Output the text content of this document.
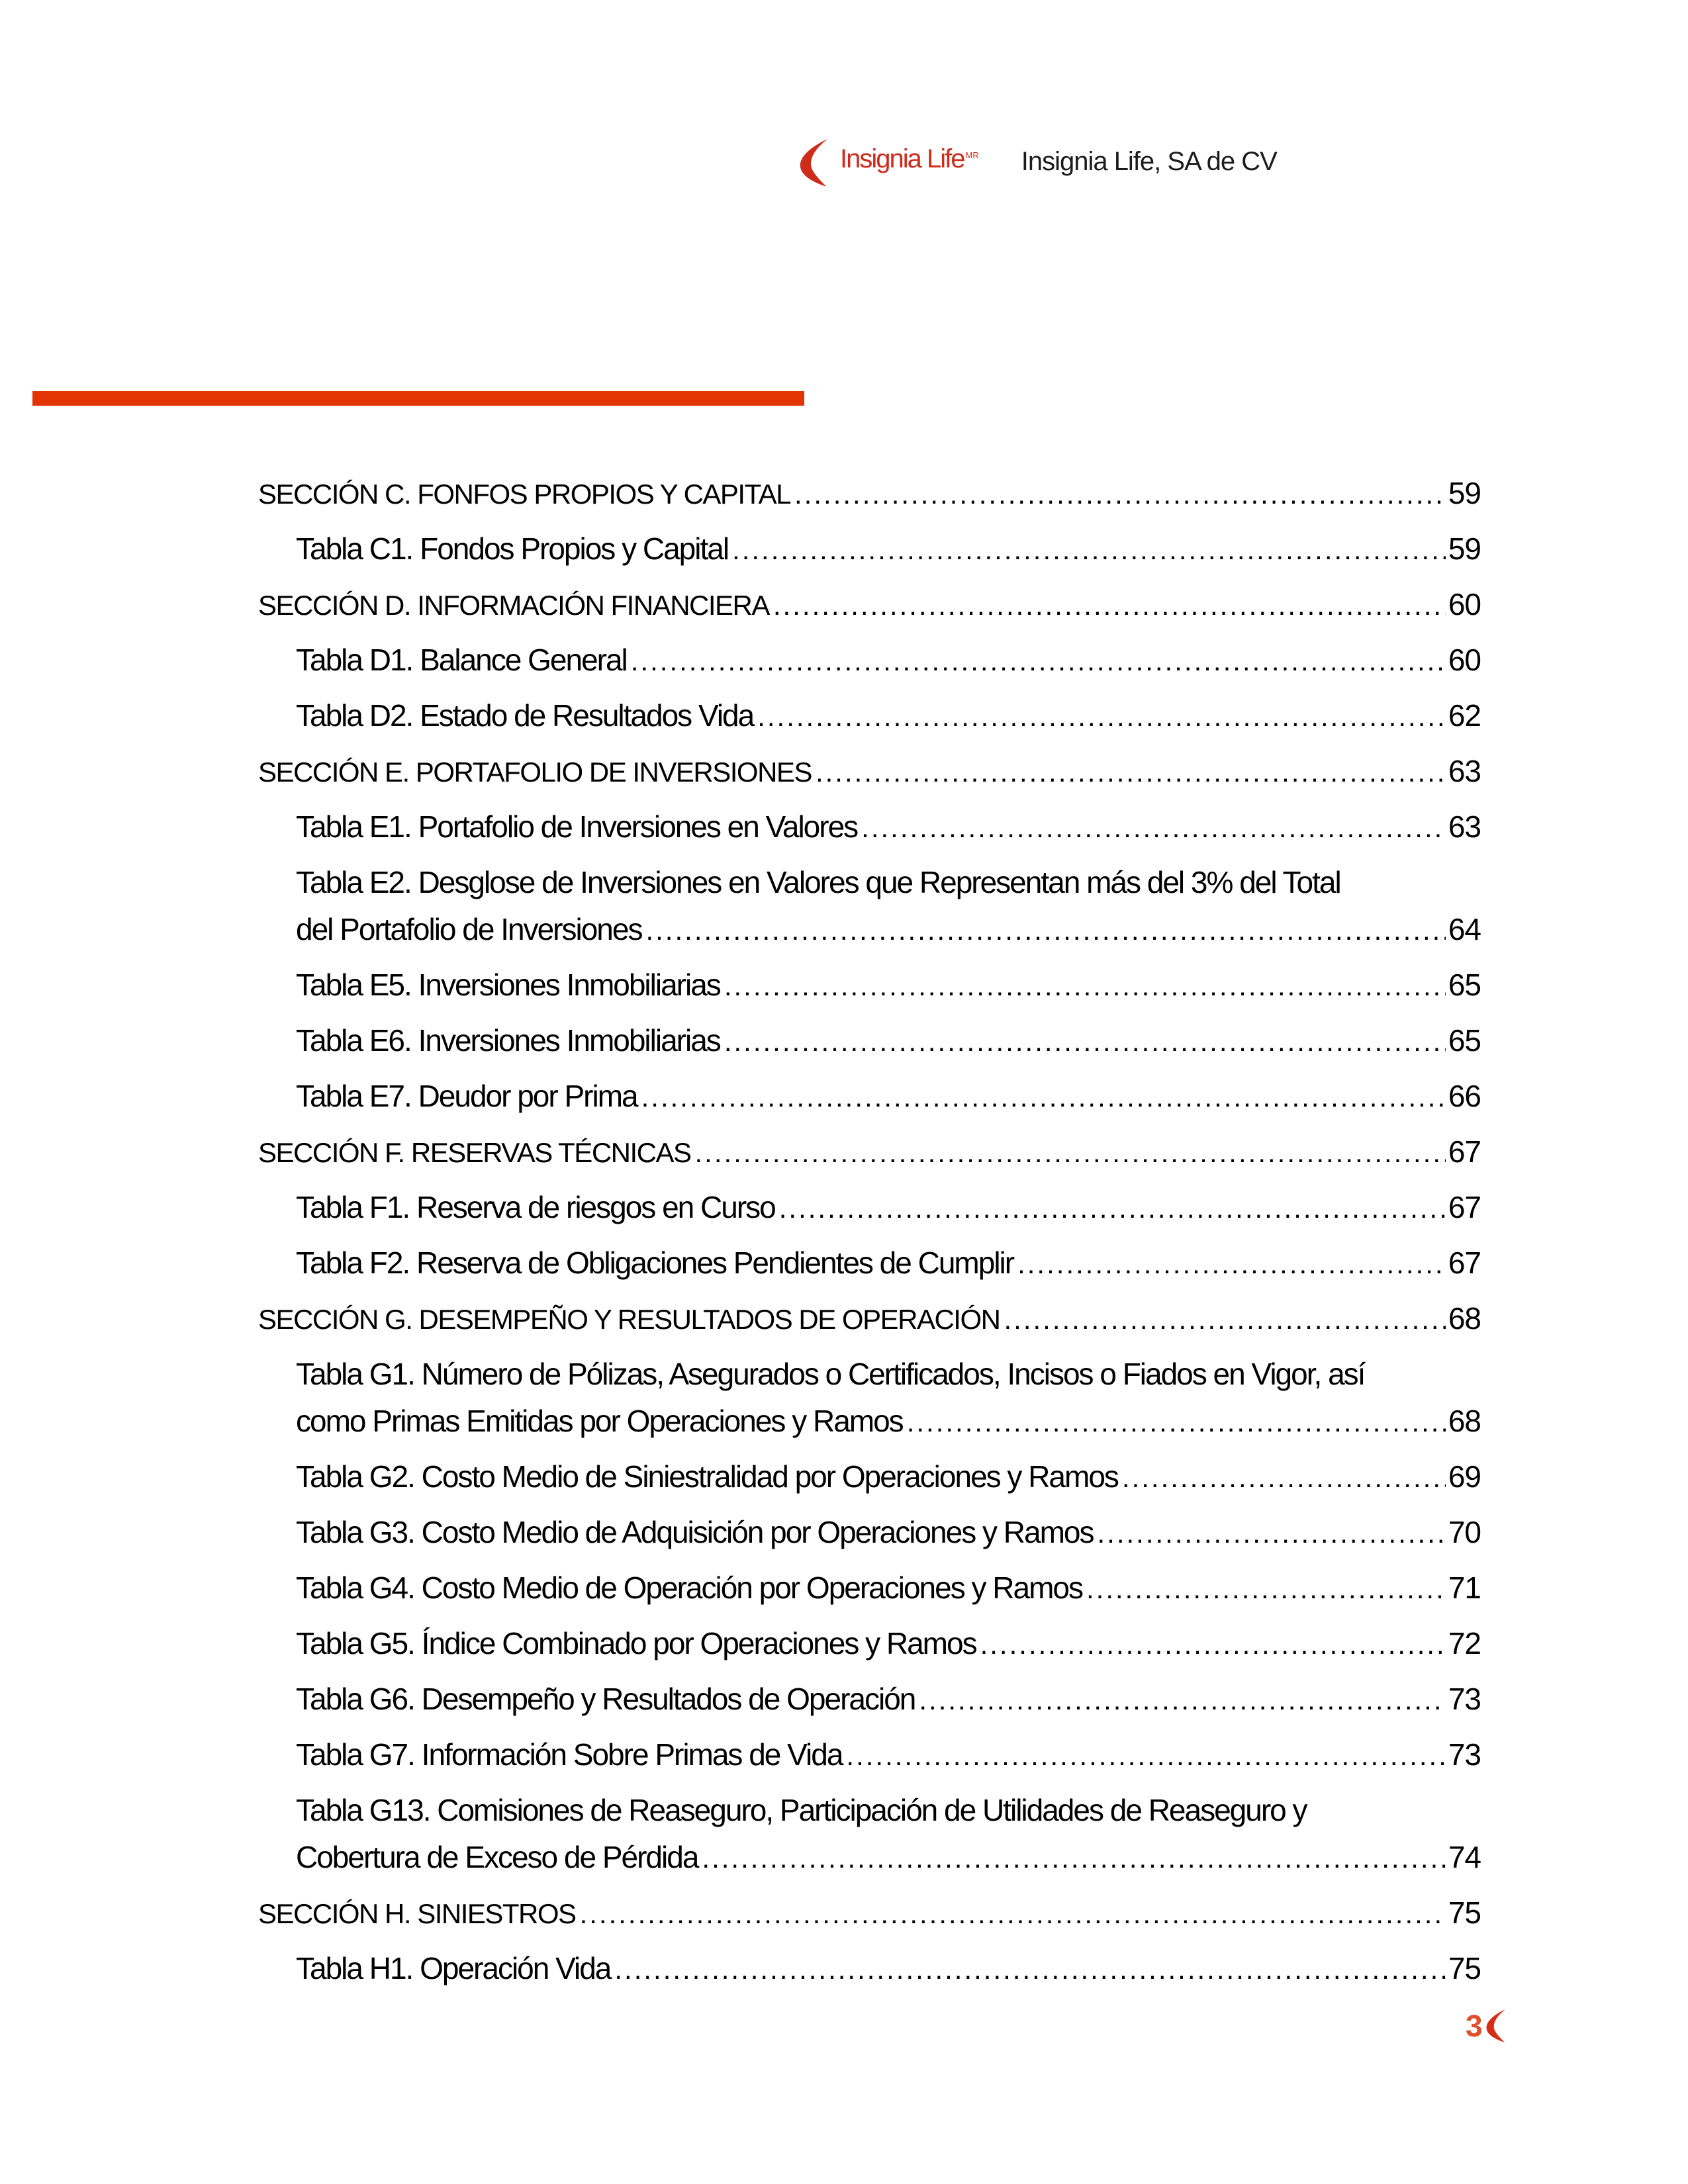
Insignia Life $^{MR}$ Insignia Life, SA de CV
SECCIÓN C. FONFOS PROPIOS Y CAPITAL .....	59
Tabla C1. Fondos Propios y Capital .....	59
SECCIÓN D. INFORMACIÓN FINANCIERA .....	60
Tabla D1. Balance General .....	60
Tabla D2. Estado de Resultados Vida .....	62
SECCIÓN E. PORTAFOLIO DE INVERSIONES .....	63
Tabla E1. Portafolio de Inversiones en Valores .....	63
Tabla E2. Desglose de Inversiones en Valores que Representan más del 3% del Total
del Portafolio de Inversiones .....	64
Tabla E5. Inversiones Inmobiliarias .....	65
Tabla E6. Inversiones Inmobiliarias .....	65
Tabla E7. Deudor por Prima .....	66
SECCIÓN F. RESERVAS TÉCNICAS .....	67
Tabla F1. Reserva de riesgos en Curso .....	67
Tabla F2. Reserva de Obligaciones Pendientes de Cumplir .....	67
SECCIÓN G. DESEMPEÑO Y RESULTADOS DE OPERACIÓN .....	68
Tabla G1. Número de Pólizas, Asegurados o Certificados, Incisos o Fiados en Vigor, así
como Primas Emitidas por Operaciones y Ramos .....	68
Tabla G2. Costo Medio de Siniestralidad por Operaciones y Ramos .....	69
Tabla G3. Costo Medio de Adquisición por Operaciones y Ramos .....	70
Tabla G4. Costo Medio de Operación por Operaciones y Ramos .....	71
Tabla G5. Índice Combinado por Operaciones y Ramos .....	72
Tabla G6. Desempeño y Resultados de Operación .....	73
Tabla G7. Información Sobre Primas de Vida .....	73
Tabla G13. Comisiones de Reaseguro, Participación de Utilidades de Reaseguro y
Cobertura de Exceso de Pérdida .....	74
SECCIÓN H. SINIESTROS .....	75
Tabla H1. Operación Vida .....	75
3
